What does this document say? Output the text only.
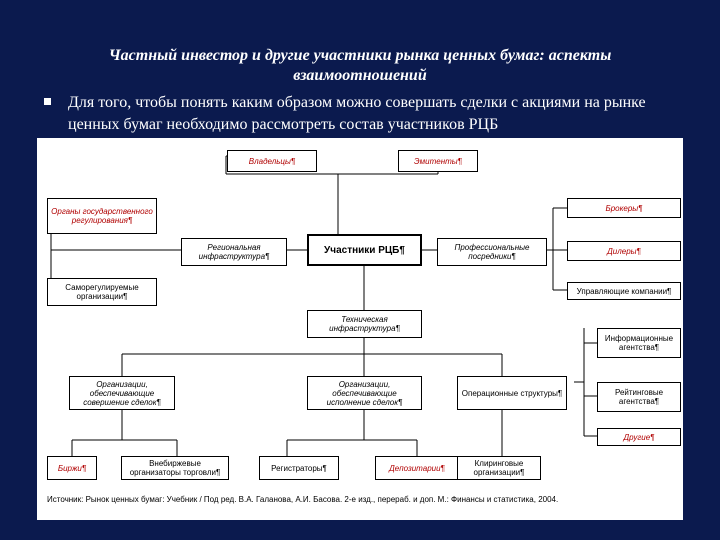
Частный инвестор и другие участники рынка ценных бумаг: аспекты взаимоотношений
Для того, чтобы понять каким образом можно совершать сделки с акциями на рынке ценных бумаг необходимо рассмотреть состав участников РЦБ
Владельцы¶	Эмитенты¶
Органы государственного регулирования¶
Саморегулируемые организации¶
Региональная инфраструктура¶
Участники РЦБ¶	Профессиональные посредники¶
Брокеры¶
Дилеры¶
Управляющие компании¶
Техническая инфраструктура¶
Организации, обеспечивающие совершение сделок¶
Организации, обеспечивающие исполнение сделок¶
Операционные структуры¶
Информационные агентства¶
Рейтинговые агентства¶
Другие¶
Биржи¶	Внебиржевые организаторы торговли¶	Регистраторы¶	Депозитарии¶	Клиринговые организации¶
Источник: Рынок ценных бумаг: Учебник / Под ред. В.А. Галанова, А.И. Басова. 2-е изд., перераб. и доп. М.: Финансы и статистика, 2004.
